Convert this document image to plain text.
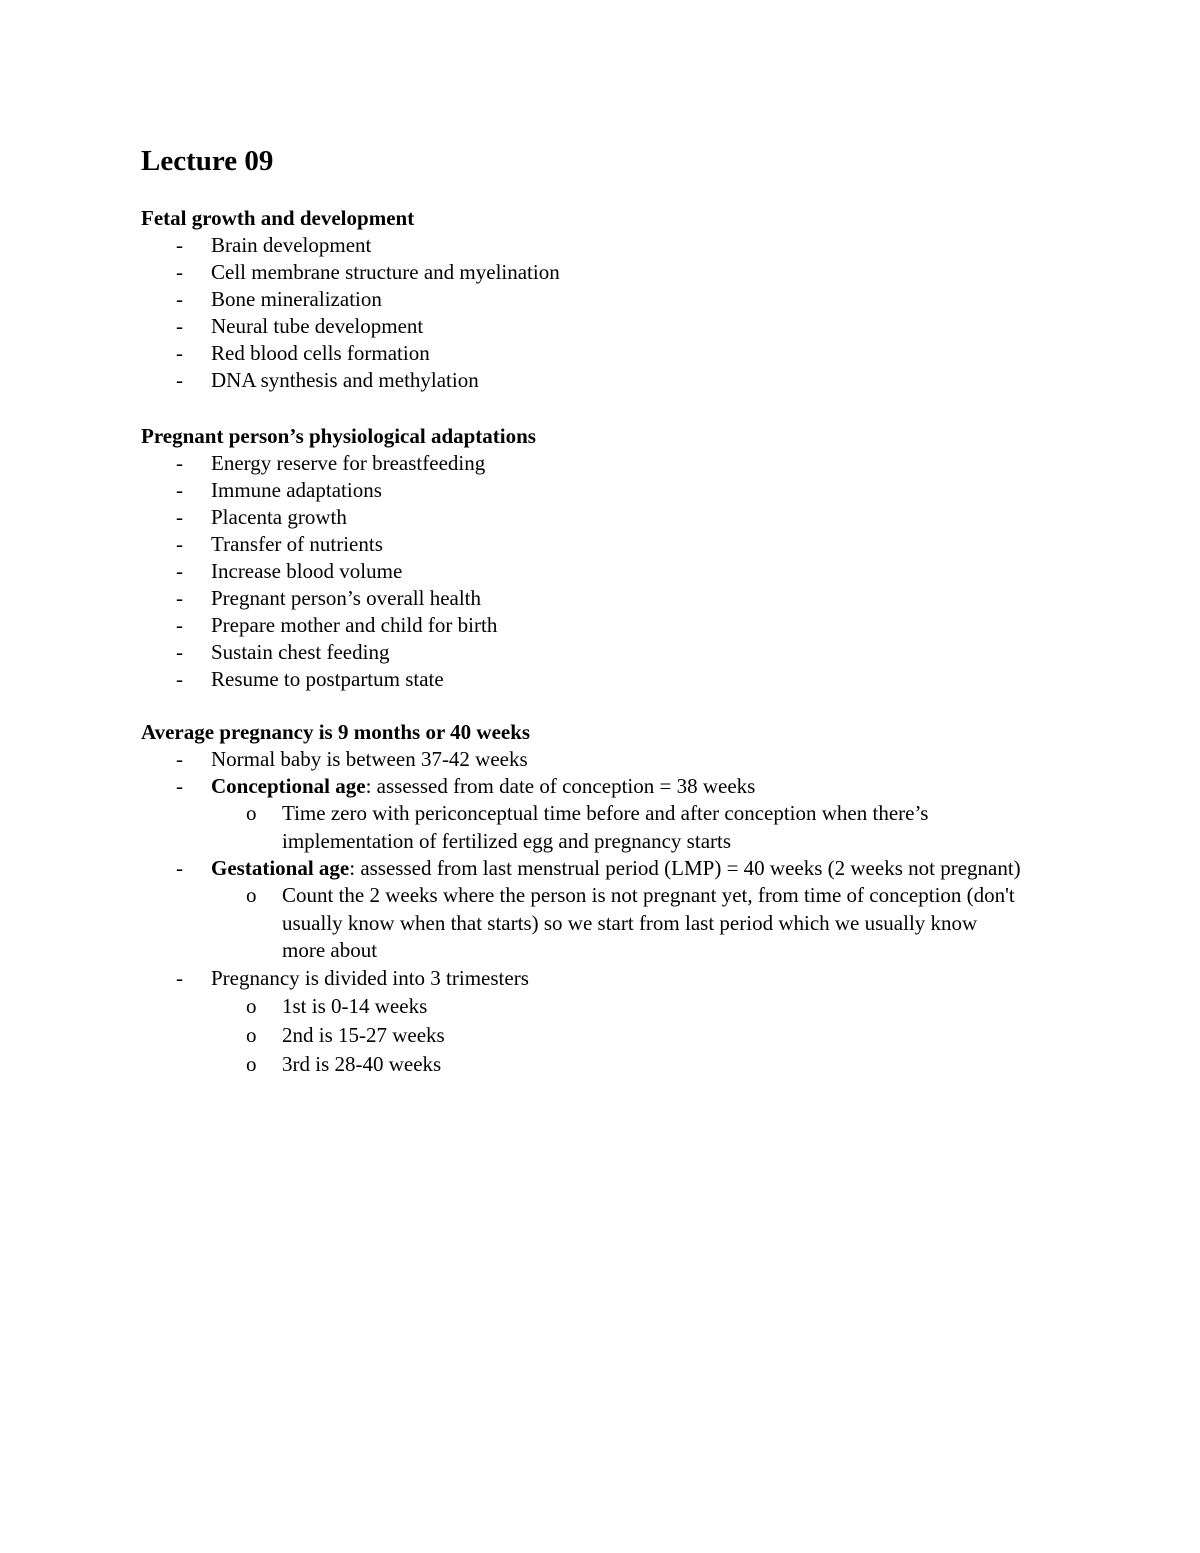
Lecture 09

Fetal growth and development

- Brain development
- Cell membrane structure and myelination
- Bone mineralization
- Neural tube development
- Red blood cells formation
- DNA synthesis and methylation

Pregnant person’s physiological adaptations

- Energy reserve for breastfeeding
- Immune adaptations
- Placenta growth
- Transfer of nutrients
- Increase blood volume
- Pregnant person’s overall health
- Prepare mother and child for birth
- Sustain chest feeding
- Resume to postpartum state

Average pregnancy is 9 months or 40 weeks

- Normal baby is between 37-42 weeks
- Conceptional age: assessed from date of conception = 38 weeks
o Time zero with periconceptual time before and after conception when there’s implementation of fertilized egg and pregnancy starts
- Gestational age: assessed from last menstrual period (LMP) = 40 weeks (2 weeks not pregnant)
o Count the 2 weeks where the person is not pregnant yet, from time of conception (don't usually know when that starts) so we start from last period which we usually know more about
- Pregnancy is divided into 3 trimesters
o 1st is 0-14 weeks
o 2nd is 15-27 weeks
o 3rd is 28-40 weeks
